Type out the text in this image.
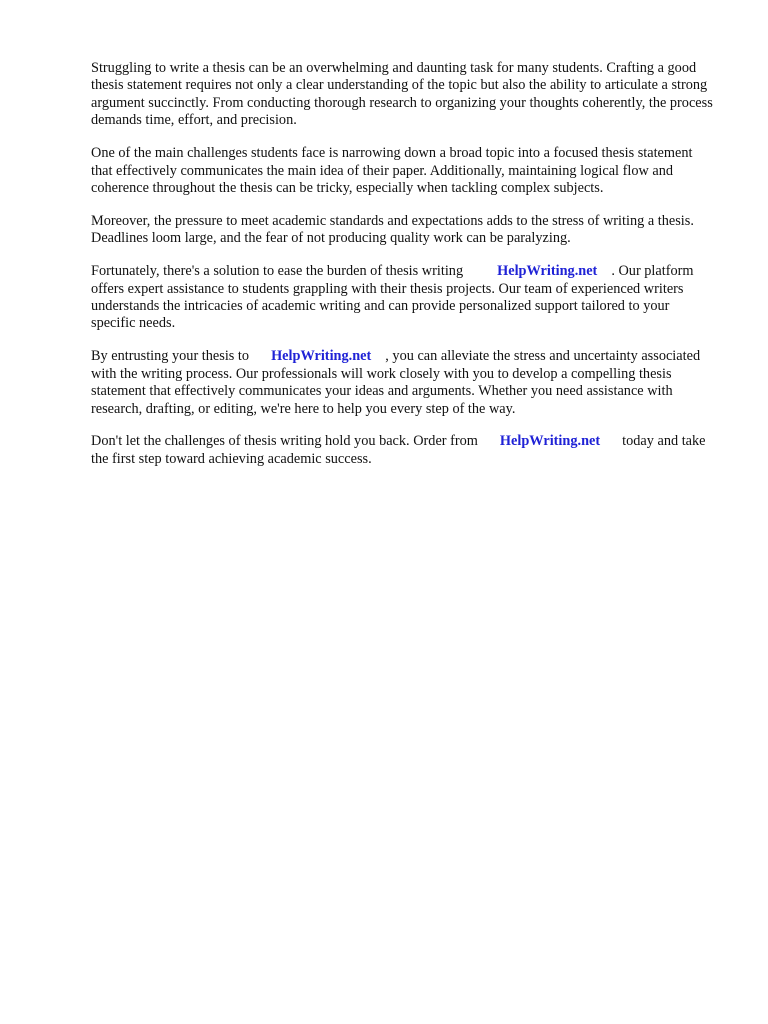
Struggling to write a thesis can be an overwhelming and daunting task for many students. Crafting a good thesis statement requires not only a clear understanding of the topic but also the ability to articulate a strong argument succinctly. From conducting thorough research to organizing your thoughts coherently, the process demands time, effort, and precision.

One of the main challenges students face is narrowing down a broad topic into a focused thesis statement that effectively communicates the main idea of their paper. Additionally, maintaining logical flow and coherence throughout the thesis can be tricky, especially when tackling complex subjects.

Moreover, the pressure to meet academic standards and expectations adds to the stress of writing a thesis. Deadlines loom large, and the fear of not producing quality work can be paralyzing.

Fortunately, there's a solution to ease the burden of thesis writing HelpWriting.net . Our platform offers expert assistance to students grappling with their thesis projects. Our team of experienced writers understands the intricacies of academic writing and can provide personalized support tailored to your specific needs.

By entrusting your thesis to HelpWriting.net , you can alleviate the stress and uncertainty associated with the writing process. Our professionals will work closely with you to develop a compelling thesis statement that effectively communicates your ideas and arguments. Whether you need assistance with research, drafting, or editing, we're here to help you every step of the way.

Don't let the challenges of thesis writing hold you back. Order from HelpWriting.net today and take the first step toward achieving academic success.
